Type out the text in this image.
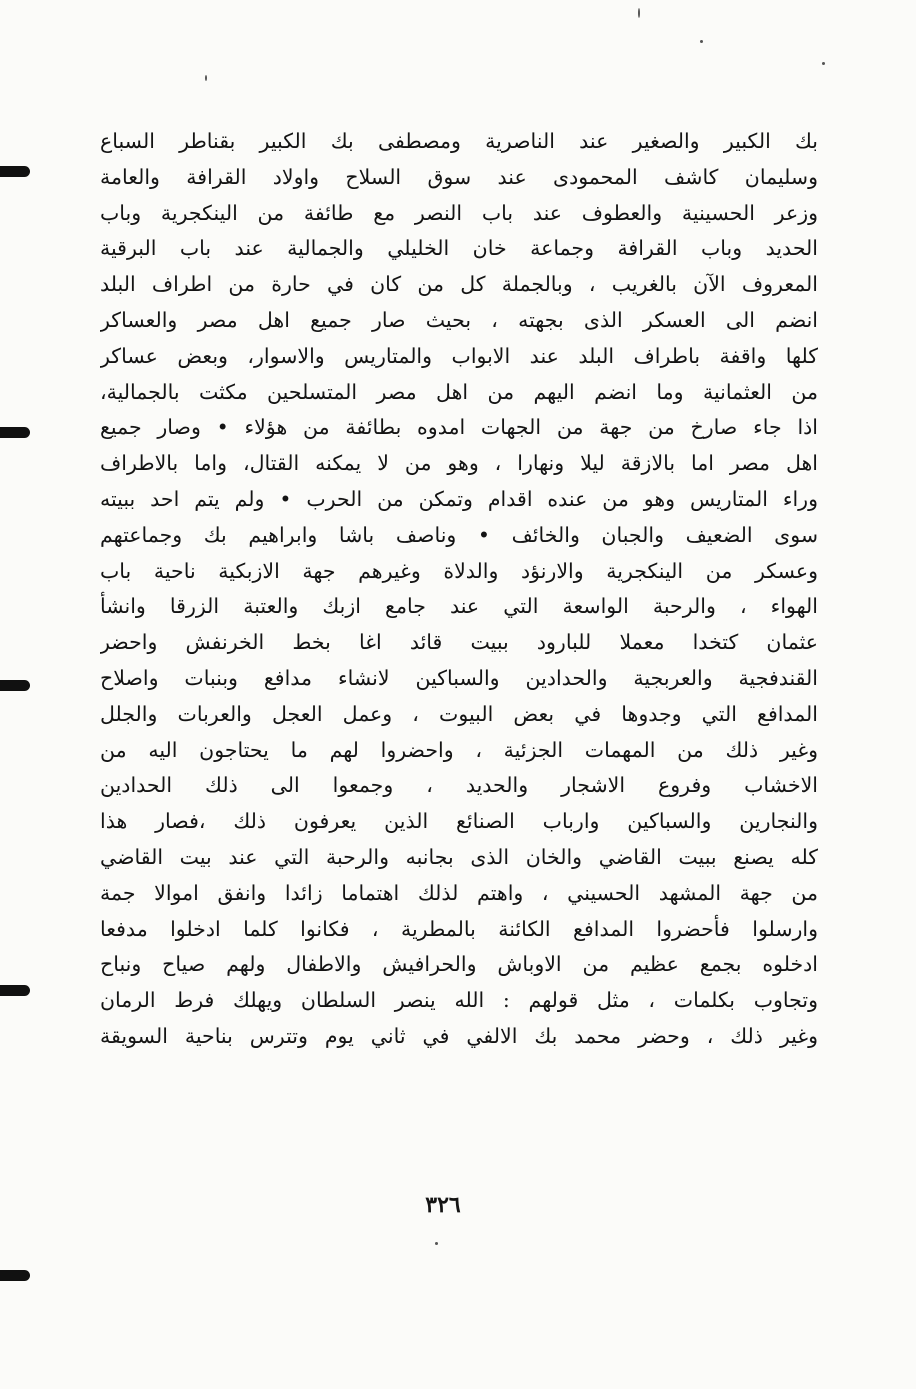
بك الكبير والصغير عند الناصرية ومصطفى بك الكبير بقناطر السباع
وسليمان كاشف المحمودى عند سوق السلاح واولاد القرافة والعامة
وزعر الحسينية والعطوف عند باب النصر مع طائفة من الينكجرية وباب
الحديد وباب القرافة وجماعة خان الخليلي والجمالية عند باب البرقية
المعروف الآن بالغريب ، وبالجملة كل من كان في حارة من اطراف البلد
انضم الى العسكر الذى بجهته ، بحيث صار جميع اهل مصر والعساكر
كلها واقفة باطراف البلد عند الابواب والمتاريس والاسوار، وبعض عساكر
من العثمانية وما انضم اليهم من اهل مصر المتسلحين مكثت بالجمالية،
اذا جاء صارخ من جهة من الجهات امدوه بطائفة من هؤلاء • وصار جميع
اهل مصر اما بالازقة ليلا ونهارا ، وهو من لا يمكنه القتال، واما بالاطراف
وراء المتاريس وهو من عنده اقدام وتمكن من الحرب • ولم يتم احد ببيته
سوى الضعيف والجبان والخائف • وناصف باشا وابراهيم بك وجماعتهم
وعسكر من الينكجرية والارنؤد والدلاة وغيرهم جهة الازبكية ناحية باب
الهواء ، والرحبة الواسعة التي عند جامع ازبك والعتبة الزرقا وانشأ
عثمان كتخدا معملا للبارود ببيت قائد اغا بخط الخرنفش واحضر
القندفجية والعربجية والحدادين والسباكين لانشاء مدافع وبنبات واصلاح
المدافع التي وجدوها في بعض البيوت ، وعمل العجل والعربات والجلل
وغير ذلك من المهمات الجزئية ، واحضروا لهم ما يحتاجون اليه من
الاخشاب وفروع الاشجار والحديد ، وجمعوا الى ذلك الحدادين
والنجارين والسباكين وارباب الصنائع الذين يعرفون ذلك ،فصار هذا
كله يصنع ببيت القاضي والخان الذى بجانبه والرحبة التي عند بيت القاضي
من جهة المشهد الحسيني ، واهتم لذلك اهتماما زائدا وانفق اموالا جمة
وارسلوا فأحضروا المدافع الكائنة بالمطرية ، فكانوا كلما ادخلوا مدفعا
ادخلوه بجمع عظيم من الاوباش والحرافيش والاطفال ولهم صياح ونباح
وتجاوب بكلمات ، مثل قولهم : الله ينصر السلطان ويهلك فرط الرمان
وغير ذلك ، وحضر محمد بك الالفي في ثاني يوم وتترس بناحية السويقة
٣٢٦
